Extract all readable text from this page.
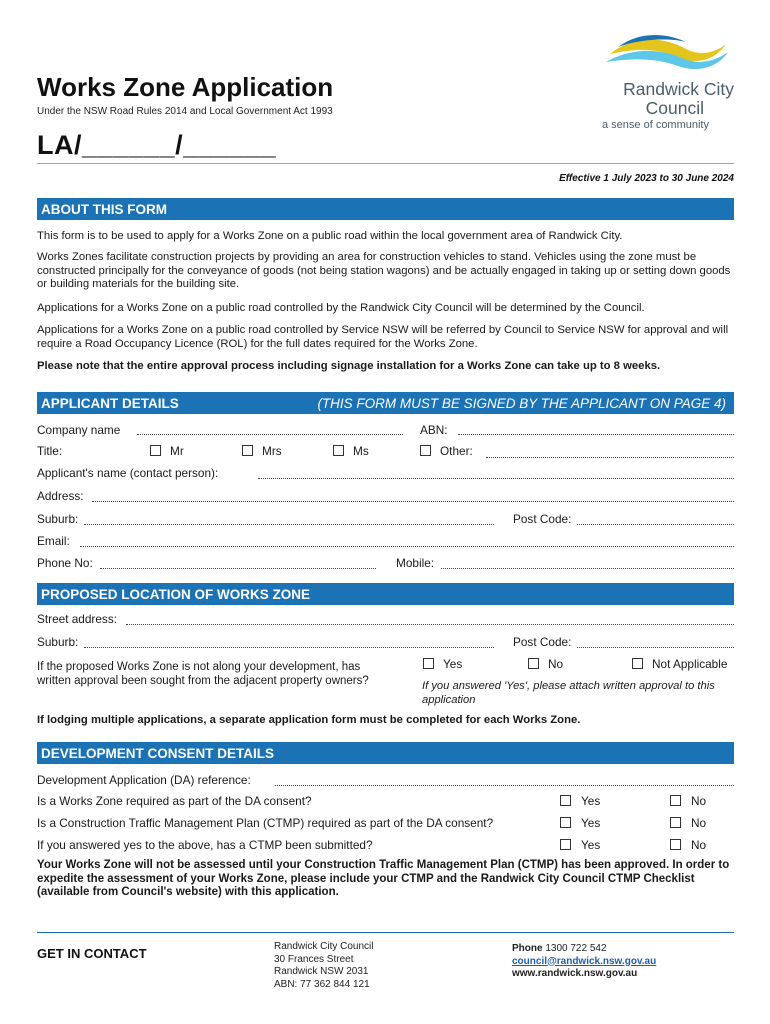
Works Zone Application
Under the NSW Road Rules 2014 and Local Government Act 1993
LA/______/______
Randwick City
Council
a sense of community
Effective 1 July 2023 to 30 June 2024
ABOUT THIS FORM
This form is to be used to apply for a Works Zone on a public road within the local government area of Randwick City.
Works Zones facilitate construction projects by providing an area for construction vehicles to stand. Vehicles using the zone must be constructed principally for the conveyance of goods (not being station wagons) and be actually engaged in taking up or setting down goods or building materials for the building site.
Applications for a Works Zone on a public road controlled by the Randwick City Council will be determined by the Council.
Applications for a Works Zone on a public road controlled by Service NSW will be referred by Council to Service NSW for approval and will require a Road Occupancy Licence (ROL) for the full dates required for the Works Zone.
Please note that the entire approval process including signage installation for a Works Zone can take up to 8 weeks.
APPLICANT DETAILS	(THIS FORM MUST BE SIGNED BY THE APPLICANT ON PAGE 4)
Company name	ABN:
Title:	Mr	Mrs	Ms	Other:
Applicant's name (contact person):
Address:
Suburb:	Post Code:
Email:
Phone No:	Mobile:
PROPOSED LOCATION OF WORKS ZONE
Street address:
Suburb:	Post Code:
If the proposed Works Zone is not along your development, has written approval been sought from the adjacent property owners?
Yes	No	Not Applicable
If you answered 'Yes', please attach written approval to this application
If lodging multiple applications, a separate application form must be completed for each Works Zone.
DEVELOPMENT CONSENT DETAILS
Development Application (DA) reference:
Is a Works Zone required as part of the DA consent?	Yes	No
Is a Construction Traffic Management Plan (CTMP) required as part of the DA consent?	Yes	No
If you answered yes to the above, has a CTMP been submitted?	Yes	No
Your Works Zone will not be assessed until your Construction Traffic Management Plan (CTMP) has been approved. In order to expedite the assessment of your Works Zone, please include your CTMP and the Randwick City Council CTMP Checklist (available from Council's website) with this application.
GET IN CONTACT	Randwick City Council
30 Frances Street
Randwick NSW 2031
ABN: 77 362 844 121
Phone 1300 722 542
council@randwick.nsw.gov.au
www.randwick.nsw.gov.au
